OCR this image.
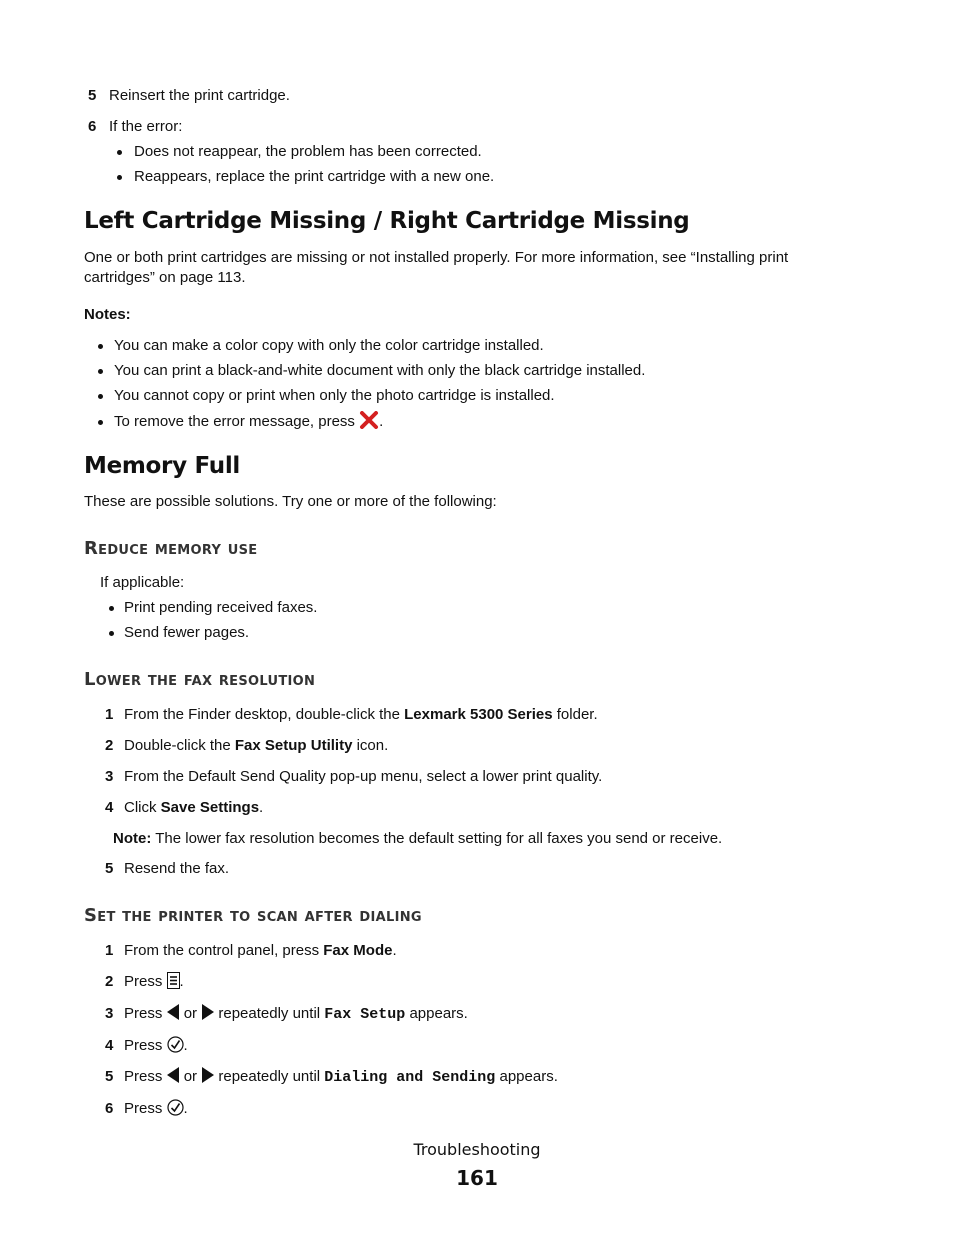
5 Reinsert the print cartridge.
6 If the error:
Does not reappear, the problem has been corrected.
Reappears, replace the print cartridge with a new one.
Left Cartridge Missing / Right Cartridge Missing
One or both print cartridges are missing or not installed properly. For more information, see “Installing print
cartridges” on page 113.
Notes:
You can make a color copy with only the color cartridge installed.
You can print a black-and-white document with only the black cartridge installed.
You cannot copy or print when only the photo cartridge is installed.
To remove the error message, press .
Memory Full
These are possible solutions. Try one or more of the following:
Reduce memory use
If applicable:
Print pending received faxes.
Send fewer pages.
Lower the fax resolution
1 From the Finder desktop, double-click the Lexmark 5300 Series folder.
2 Double-click the Fax Setup Utility icon.
3 From the Default Send Quality pop-up menu, select a lower print quality.
4 Click Save Settings.
Note: The lower fax resolution becomes the default setting for all faxes you send or receive.
5 Resend the fax.
Set the printer to scan after dialing
1 From the control panel, press Fax Mode.
2 Press .
3 Press or repeatedly until Fax Setup appears.
4 Press .
5 Press or repeatedly until Dialing and Sending appears.
6 Press .
Troubleshooting
161
